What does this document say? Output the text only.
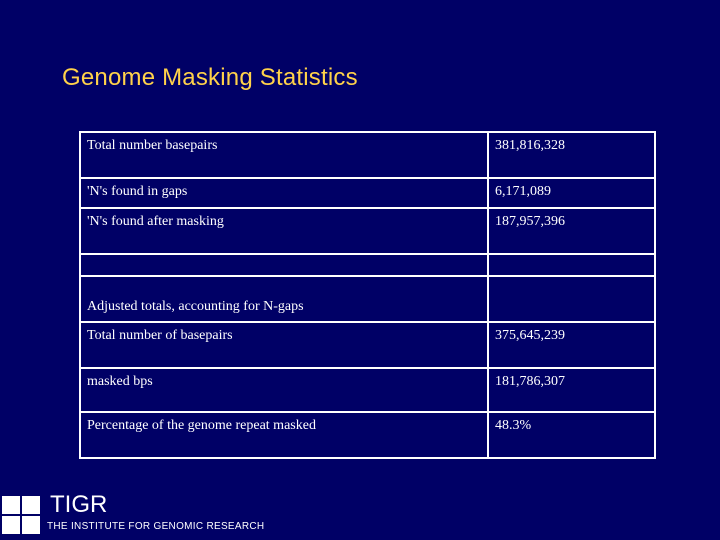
Genome Masking Statistics
Total number basepairs	381,816,328

'N's found in gaps	6,171,089

'N's found after masking	187,957,396

Adjusted totals, accounting for N-gaps	

Total number of basepairs	375,645,239

masked bps	181,786,307

Percentage of the genome repeat masked	48.3%
TIGR
THE INSTITUTE FOR GENOMIC RESEARCH
